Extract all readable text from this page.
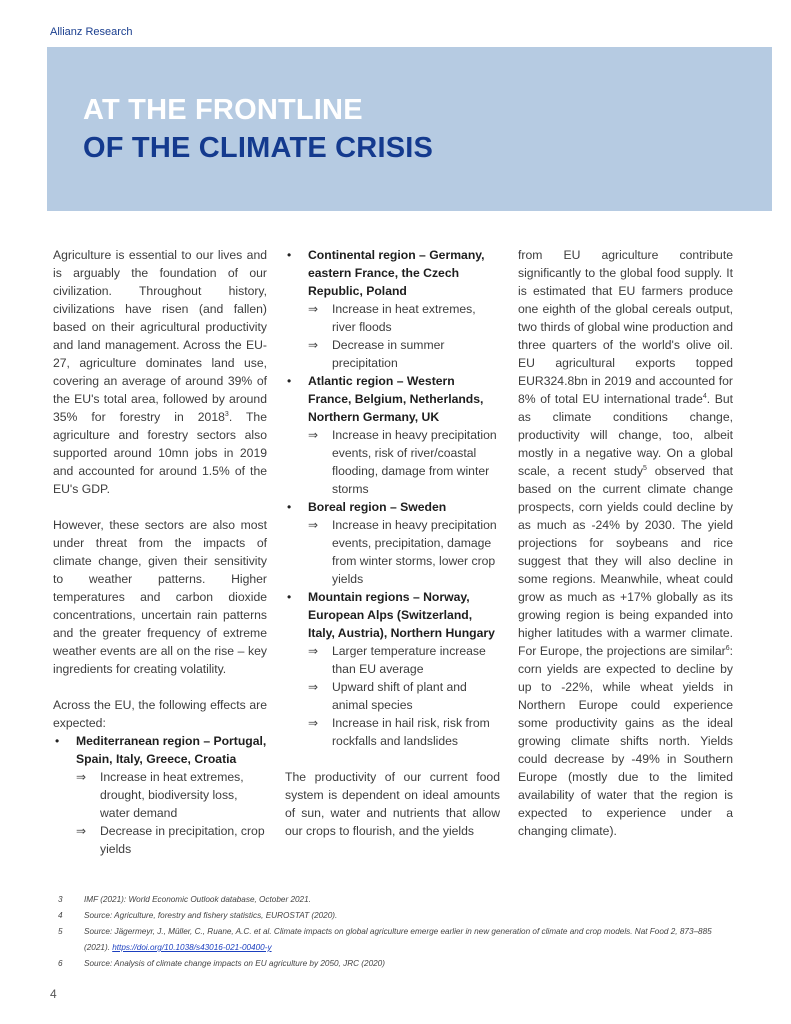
Allianz Research
AT THE FRONTLINE
OF THE CLIMATE CRISIS

Agriculture is essential to our lives and is arguably the foundation of our civilization. Throughout history, civilizations have risen (and fallen) based on their agricultural productivity and land management. Across the EU-27, agriculture dominates land use, covering an average of around 39% of the EU's total area, followed by around 35% for forestry in 2018$^3$. The agriculture and forestry sectors also supported around 10mn jobs in 2019 and accounted for around 1.5% of the EU's GDP.

However, these sectors are also most under threat from the impacts of climate change, given their sensitivity to weather patterns. Higher temperatures and carbon dioxide concentrations, uncertain rain patterns and the greater frequency of extreme weather events are all on the rise – key ingredients for creating volatility.

Across the EU, the following effects are expected:

• Mediterranean region – Portugal, Spain, Italy, Greece, Croatia
⇒ Increase in heat extremes, drought, biodiversity loss, water demand
⇒ Decrease in precipitation, crop yields
• Continental region – Germany, eastern France, the Czech Republic, Poland
⇒ Increase in heat extremes, river floods
⇒ Decrease in summer precipitation
• Atlantic region – Western France, Belgium, Netherlands, Northern Germany, UK
⇒ Increase in heavy precipitation events, risk of river/coastal flooding, damage from winter storms
• Boreal region – Sweden
⇒ Increase in heavy precipitation events, precipitation, damage from winter storms, lower crop yields
• Mountain regions – Norway, European Alps (Switzerland, Italy, Austria), Northern Hungary
⇒ Larger temperature increase than EU average
⇒ Upward shift of plant and animal species
⇒ Increase in hail risk, risk from rockfalls and landslides

The productivity of our current food system is dependent on ideal amounts of sun, water and nutrients that allow our crops to flourish, and the yields

from EU agriculture contribute significantly to the global food supply. It is estimated that EU farmers produce one eighth of the global cereals output, two thirds of global wine production and three quarters of the world's olive oil. EU agricultural exports topped EUR324.8bn in 2019 and accounted for 8% of total EU international trade$^4$. But as climate conditions change, productivity will change, too, albeit mostly in a negative way. On a global scale, a recent study$^5$ observed that based on the current climate change prospects, corn yields could decline by as much as -24% by 2030. The yield projections for soybeans and rice suggest that they will also decline in some regions. Meanwhile, wheat could grow as much as +17% globally as its growing region is being expanded into higher latitudes with a warmer climate. For Europe, the projections are similar$^6$: corn yields are expected to decline by up to -22%, while wheat yields in Northern Europe could experience some productivity gains as the ideal growing climate shifts north. Yields could decrease by -49% in Southern Europe (mostly due to the limited availability of water that the region is expected to experience under a changing climate).

3	IMF (2021): World Economic Outlook database, October 2021.
4	Source: Agriculture, forestry and fishery statistics, EUROSTAT (2020).
5	Source: Jägermeyr, J., Müller, C., Ruane, A.C. et al. Climate impacts on global agriculture emerge earlier in new generation of climate and crop models. Nat Food 2, 873–885 (2021). https://doi.org/10.1038/s43016-021-00400-y
6	Source: Analysis of climate change impacts on EU agriculture by 2050, JRC (2020)
4
